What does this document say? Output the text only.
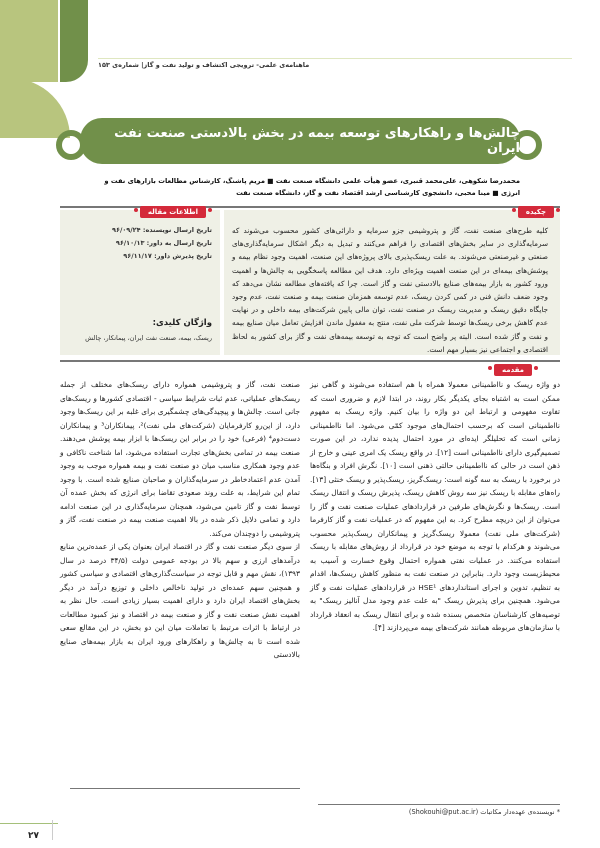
ماهنامه‌ی علمی- ترویجی اکتشاف و تولید نفت و گاز| شماره‌ی ۱۵۳
چالش‌ها و راهکارهای توسعه بیمه در بخش بالادستی صنعت نفت ایران
محمدرضا شکوهی، علی‌محمد قنبری، عضو هیأت علمی دانشگاه صنعت نفت ■ مریم پاشنگ، کارشناس مطالعات بازارهای نفت و
انرژی ■ مینا محبی، دانشجوی کارشناسی ارشد اقتصاد نفت و گاز، دانشگاه صنعت نفت
چکیده
کلیه طرح‌های صنعت نفت، گاز و پتروشیمی جزو سرمایه و دارائی‌های کشور محسوب می‌شوند که سرمایه‌گذاری در سایر بخش‌های اقتصادی را فراهم می‌کنند و تبدیل به دیگر اشکال سرمایه‌گذاری‌های صنعتی و غیرصنعتی می‌شوند. به علت ریسک‌پذیری بالای پروژه‌های این صنعت، اهمیت وجود نظام بیمه و پوشش‌های بیمه‌ای در این صنعت اهمیت ویژه‌ای دارد. هدف این مطالعه پاسخگویی به چالش‌ها و اهمیت ورود کشور به بازار بیمه‌های صنایع بالادستی نفت و گاز است. چرا که یافته‌های مطالعه نشان می‌دهد که وجود ضعف دانش فنی در کمی کردن ریسک، عدم توسعه همزمان صنعت بیمه و صنعت نفت، عدم وجود جایگاه دقیق ریسک و مدیریت ریسک در صنعت نفت، توان مالی پایین شرکت‌های بیمه داخلی و در نهایت عدم کاهش برخی ریسک‌ها توسط شرکت ملی نفت، منتج به مغفول ماندن افزایش تعامل میان صنایع بیمه و نفت و گاز شده است. البته پر واضح است که توجه به توسعه بیمه‌های نفت و گاز برای کشور به لحاظ اقتصادی و اجتماعی نیز بسیار مهم است.
اطلاعات مقاله
تاریخ ارسال نویسنده: ۹۶/۰۹/۲۴
تاریخ ارسال به داور: ۹۶/۱۰/۱۳
تاریخ پذیرش داور: ۹۶/۱۱/۱۷
واژگان کلیدی:
ریسک، بیمه، صنعت نفت ایران، پیمانکار، چالش
مقدمه

دو واژه ریسک و نااطمینانی معمولا همراه با هم استفاده می‌شوند و گاهی نیز ممکن است به اشتباه بجای یکدیگر بکار روند، در ابتدا لازم و ضروری است که تفاوت مفهومی و ارتباط این دو واژه را بیان کنیم. واژه ریسک به مفهوم نااطمینانی است که برحسب احتمال‌های موجود کمّی می‌شود. اما نااطمینانی زمانی است که تحلیلگر ایده‌ای در مورد احتمال پدیده ندارد، در این صورت تصمیم‌گیری دارای نااطمینانی است [۱۲]. در واقع ریسک یک امری عینی و خارج از ذهن است در حالی که نااطمینانی حالتی ذهنی است [۱۰]. نگرش افراد و بنگاه‌ها در برخورد با ریسک به سه گونه است: ریسک‌گریز، ریسک‌پذیر و ریسک خنثی [۱۳]. راه‌های مقابله با ریسک نیز سه روش کاهش ریسک، پذیرش ریسک و انتقال ریسک است. ریسک‌ها و نگرش‌های طرفین در قراردادهای عملیات صنعت نفت و گاز را می‌توان از این دریچه مطرح کرد. به این مفهوم که در عملیات نفت و گاز کارفرما (شرکت‌های ملی نفت) معمولا ریسک‌گریز و پیمانکاران ریسک‌پذیر محسوب می‌شوند و هرکدام با توجه به موضع خود در قرارداد از روش‌های مقابله با ریسک استفاده می‌کنند. در عملیات نفتی همواره احتمال وقوع خسارت و آسیب به محیط‌زیست وجود دارد. بنابراین در صنعت نفت به منظور کاهش ریسک‌ها، اقدام به تنظیم، تدوین و اجرای استانداردهای HSE¹ در قراردادهای عملیات نفت و گاز می‌شود. همچنین برای پذیرش ریسک "به علت عدم وجود مدل آنالیز ریسک" به توصیه‌های کارشناسان متخصص بسنده شده و برای انتقال ریسک به انعقاد قرارداد با سازمان‌های مربوطه همانند شرکت‌های بیمه می‌پردازند [۴].

صنعت نفت، گاز و پتروشیمی همواره دارای ریسک‌های مختلف از جمله ریسک‌های عملیاتی، عدم ثبات شرایط سیاسی - اقتصادی کشورها و ریسک‌های جانی است. چالش‌ها و پیچیدگی‌های چشمگیری برای غلبه بر این ریسک‌ها وجود دارد، از این‌رو کارفرمایان (شرکت‌های ملی نفت)²، پیمانکاران³ و پیمانکاران دست‌دوم⁴ (فرعی) خود را در برابر این ریسک‌ها با ابزار بیمه پوشش می‌دهند. صنعت بیمه در تمامی بخش‌های تجارت استفاده می‌شود، اما شناخت ناکافی و عدم وجود همکاری مناسب میان دو صنعت نفت و بیمه همواره موجب به وجود آمدن عدم اعتمادخاطر در سرمایه‌گذاران و صاحبان صنایع شده است. با وجود تمام این شرایط، به علت روند صعودی تقاضا برای انرژی که بخش عمده آن توسط نفت و گاز تامین می‌شود، همچنان سرمایه‌گذاری در این صنعت ادامه دارد و تمامی دلایل ذکر شده در بالا اهمیت صنعت بیمه در صنعت نفت، گاز و پتروشیمی را دوچندان می‌کند.

از سوی دیگر صنعت نفت و گاز در اقتصاد ایران بعنوان یکی از عمده‌ترین منابع درآمدهای ارزی و سهم بالا در بودجه عمومی دولت (۳۴/۵ درصد در سال ۱۳۹۳)، نقش مهم و قابل توجه در سیاست‌گذاری‌های اقتصادی و سیاسی کشور و همچنین سهم عمده‌ای در تولید ناخالص داخلی و توزیع درآمد در دیگر بخش‌های اقتصاد ایران دارد و دارای اهمیت بسیار زیادی است. حال نظر به اهمیت نقش صنعت نفت و گاز و صنعت بیمه در اقتصاد و نیز کمبود مطالعات در ارتباط با اثرات مرتبط با تعاملات میان این دو بخش، در این مقالع سعی شده است تا به چالش‌ها و راهکارهای ورود ایران به بازار بیمه‌های صنایع بالادستی

* نویسنده‌ی عهده‌دار مکاتبات (Shokouhi@put.ac.ir)
۲۷
